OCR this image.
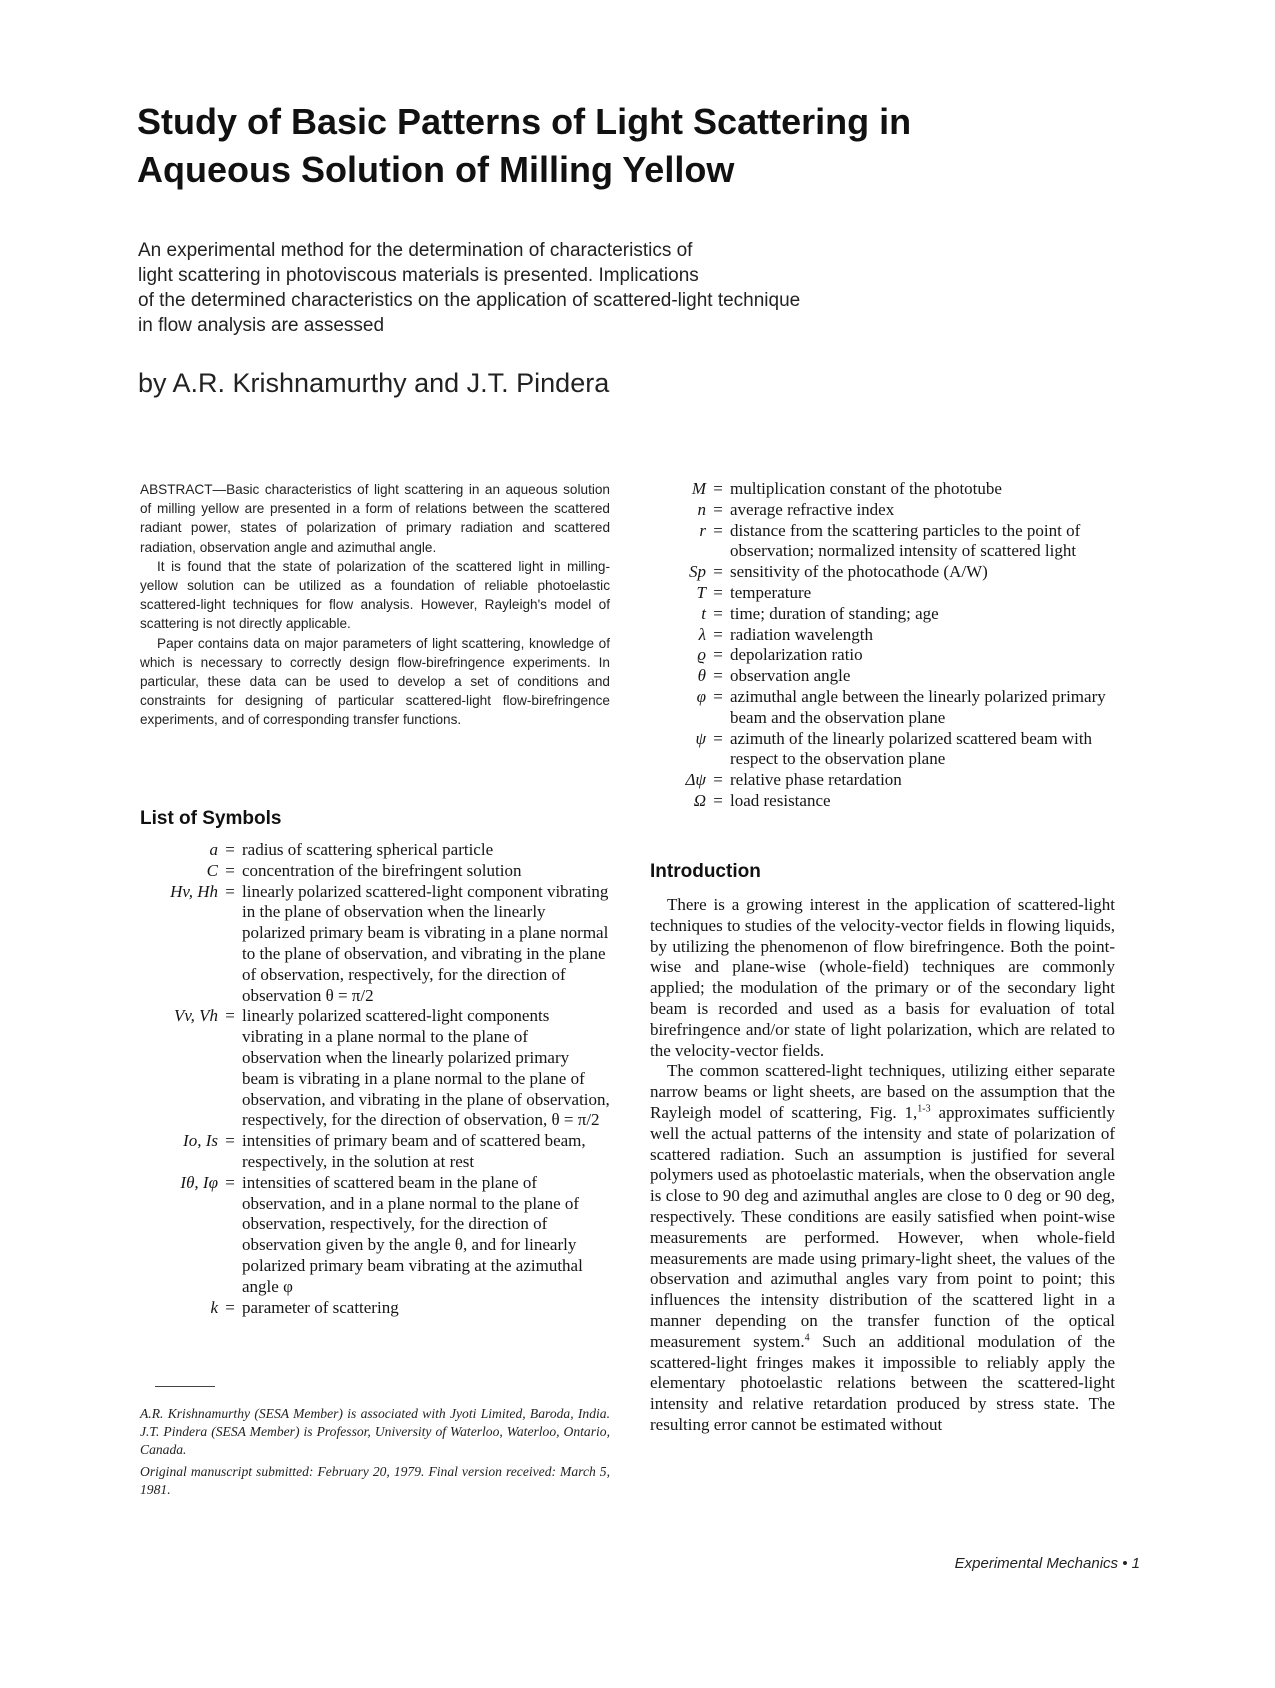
Study of Basic Patterns of Light Scattering in
Aqueous Solution of Milling Yellow
An experimental method for the determination of characteristics of
light scattering in photoviscous materials is presented. Implications
of the determined characteristics on the application of scattered-light technique
in flow analysis are assessed
by A.R. Krishnamurthy and J.T. Pindera

ABSTRACT—Basic characteristics of light scattering in an aqueous solution of milling yellow are presented in a form of relations between the scattered radiant power, states of polarization of primary radiation and scattered radiation, observation angle and azimuthal angle.

It is found that the state of polarization of the scattered light in milling-yellow solution can be utilized as a foundation of reliable photoelastic scattered-light techniques for flow analysis. However, Rayleigh's model of scattering is not directly applicable.

Paper contains data on major parameters of light scattering, knowledge of which is necessary to correctly design flow-birefringence experiments. In particular, these data can be used to develop a set of conditions and constraints for designing of particular scattered-light flow-birefringence experiments, and of corresponding transfer functions.

List of Symbols
a = radius of scattering spherical particle
C = concentration of the birefringent solution
Hv, Hh = linearly polarized scattered-light component vibrating in the plane of observation when the linearly polarized primary beam is vibrating in a plane normal to the plane of observation, and vibrating in the plane of observation, respectively, for the direction of observation θ = π/2
Vv, Vh = linearly polarized scattered-light components vibrating in a plane normal to the plane of observation when the linearly polarized primary beam is vibrating in a plane normal to the plane of observation, and vibrating in the plane of observation, respectively, for the direction of observation, θ = π/2
Io, Is = intensities of primary beam and of scattered beam, respectively, in the solution at rest
Iθ, Iφ = intensities of scattered beam in the plane of observation, and in a plane normal to the plane of observation, respectively, for the direction of observation given by the angle θ, and for linearly polarized primary beam vibrating at the azimuthal angle φ
k = parameter of scattering

A.R. Krishnamurthy (SESA Member) is associated with Jyoti Limited, Baroda, India. J.T. Pindera (SESA Member) is Professor, University of Waterloo, Waterloo, Ontario, Canada.

Original manuscript submitted: February 20, 1979. Final version received: March 5, 1981.

M = multiplication constant of the phototube
n = average refractive index
r = distance from the scattering particles to the point of observation; normalized intensity of scattered light
Sp = sensitivity of the photocathode (A/W)
T = temperature
t = time; duration of standing; age
λ = radiation wavelength
ϱ = depolarization ratio
θ = observation angle
φ = azimuthal angle between the linearly polarized primary beam and the observation plane
ψ = azimuth of the linearly polarized scattered beam with respect to the observation plane
Δψ = relative phase retardation
Ω = load resistance
Introduction

There is a growing interest in the application of scattered-light techniques to studies of the velocity-vector fields in flowing liquids, by utilizing the phenomenon of flow birefringence. Both the point-wise and plane-wise (whole-field) techniques are commonly applied; the modulation of the primary or of the secondary light beam is recorded and used as a basis for evaluation of total birefringence and/or state of light polarization, which are related to the velocity-vector fields.

The common scattered-light techniques, utilizing either separate narrow beams or light sheets, are based on the assumption that the Rayleigh model of scattering, Fig. 1,$^{1-3}$ approximates sufficiently well the actual patterns of the intensity and state of polarization of scattered radiation. Such an assumption is justified for several polymers used as photoelastic materials, when the observation angle is close to 90 deg and azimuthal angles are close to 0 deg or 90 deg, respectively. These conditions are easily satisfied when point-wise measurements are performed. However, when whole-field measurements are made using primary-light sheet, the values of the observation and azimuthal angles vary from point to point; this influences the intensity distribution of the scattered light in a manner depending on the transfer function of the optical measurement system.$^4$ Such an additional modulation of the scattered-light fringes makes it impossible to reliably apply the elementary photoelastic relations between the scattered-light intensity and relative retardation produced by stress state. The resulting error cannot be estimated without

Experimental Mechanics • 1
